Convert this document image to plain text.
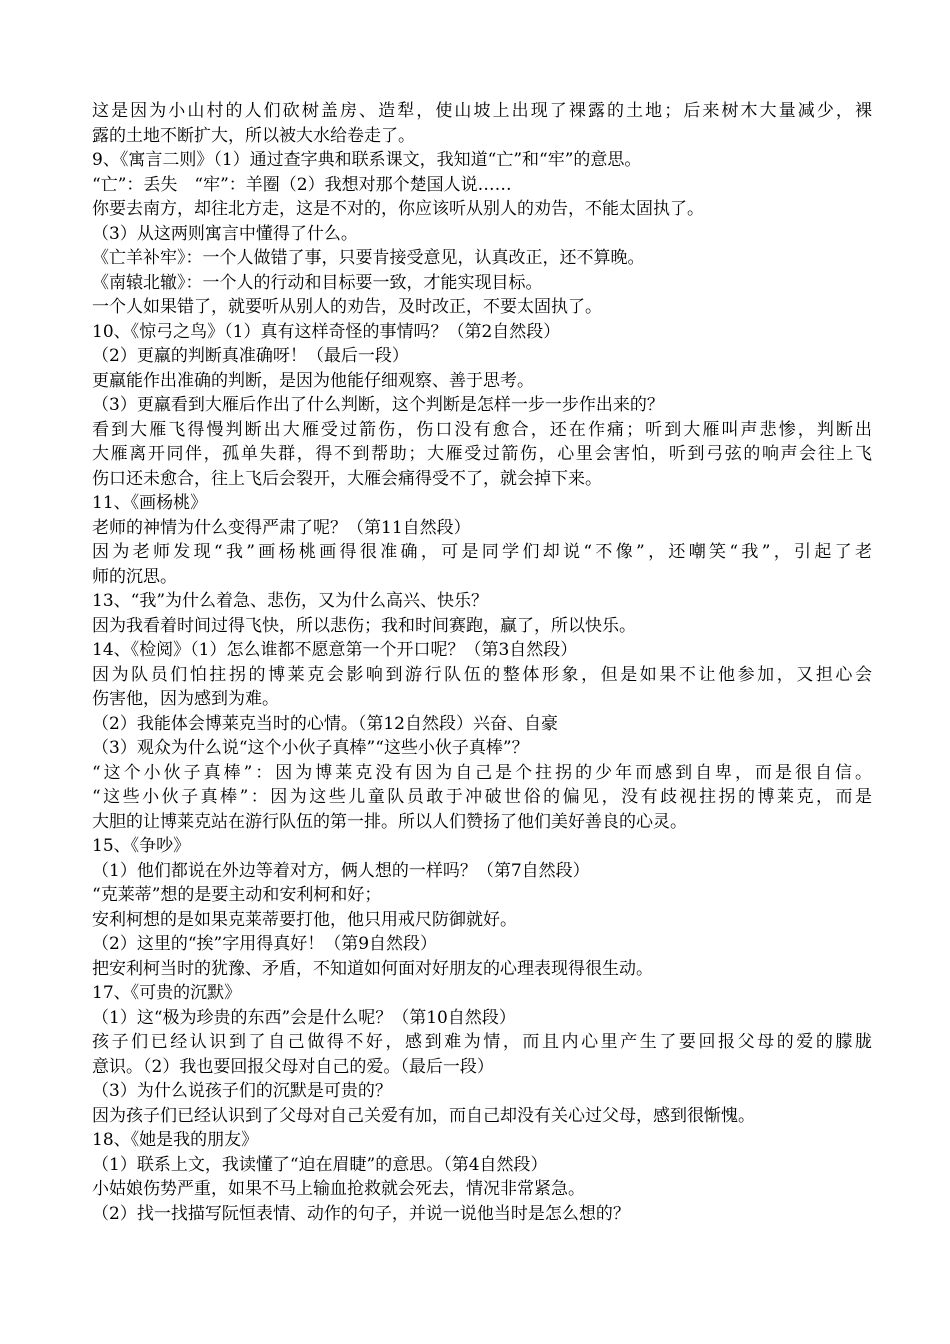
这是因为小山村的人们砍树盖房、造犁，使山坡上出现了裸露的土地；后来树木大量减少，裸
露的土地不断扩大，所以被大水给卷走了。
9、《寓言二则》（1）通过查字典和联系课文，我知道“亡”和“牢”的意思。
“亡”：丢失　“牢”：羊圈（2）我想对那个楚国人说……
你要去南方，却往北方走，这是不对的，你应该听从别人的劝告，不能太固执了。
（3）从这两则寓言中懂得了什么。
《亡羊补牢》：一个人做错了事，只要肯接受意见，认真改正，还不算晚。
《南辕北辙》：一个人的行动和目标要一致，才能实现目标。
一个人如果错了，就要听从别人的劝告，及时改正，不要太固执了。
10、《惊弓之鸟》（1）真有这样奇怪的事情吗？（第2自然段）
（2）更羸的判断真准确呀！（最后一段）
更羸能作出准确的判断，是因为他能仔细观察、善于思考。
（3）更羸看到大雁后作出了什么判断，这个判断是怎样一步一步作出来的？
看到大雁飞得慢判断出大雁受过箭伤，伤口没有愈合，还在作痛；听到大雁叫声悲惨，判断出
大雁离开同伴，孤单失群，得不到帮助；大雁受过箭伤，心里会害怕，听到弓弦的响声会往上飞
伤口还未愈合，往上飞后会裂开，大雁会痛得受不了，就会掉下来。
11、《画杨桃》
老师的神情为什么变得严肃了呢？（第11自然段）
因为老师发现“我”画杨桃画得很准确，可是同学们却说“不像”，还嘲笑“我”，引起了老
师的沉思。
13、“我”为什么着急、悲伤，又为什么高兴、快乐？
因为我看着时间过得飞快，所以悲伤；我和时间赛跑，赢了，所以快乐。
14、《检阅》（1）怎么谁都不愿意第一个开口呢？（第3自然段）
因为队员们怕拄拐的博莱克会影响到游行队伍的整体形象，但是如果不让他参加，又担心会
伤害他，因为感到为难。
（2）我能体会博莱克当时的心情。（第12自然段）兴奋、自豪
（3）观众为什么说“这个小伙子真棒”“这些小伙子真棒”？
“这个小伙子真棒”：因为博莱克没有因为自己是个拄拐的少年而感到自卑，而是很自信。
“这些小伙子真棒”：因为这些儿童队员敢于冲破世俗的偏见，没有歧视拄拐的博莱克，而是
大胆的让博莱克站在游行队伍的第一排。所以人们赞扬了他们美好善良的心灵。
15、《争吵》
（1）他们都说在外边等着对方，俩人想的一样吗？（第7自然段）
“克莱蒂”想的是要主动和安利柯和好；
安利柯想的是如果克莱蒂要打他，他只用戒尺防御就好。
（2）这里的“挨”字用得真好！（第9自然段）
把安利柯当时的犹豫、矛盾，不知道如何面对好朋友的心理表现得很生动。
17、《可贵的沉默》
（1）这“极为珍贵的东西”会是什么呢？（第10自然段）
孩子们已经认识到了自己做得不好，感到难为情，而且内心里产生了要回报父母的爱的朦胧
意识。（2）我也要回报父母对自己的爱。（最后一段）
（3）为什么说孩子们的沉默是可贵的？
因为孩子们已经认识到了父母对自己关爱有加，而自己却没有关心过父母，感到很惭愧。
18、《她是我的朋友》
（1）联系上文，我读懂了“迫在眉睫”的意思。（第4自然段）
小姑娘伤势严重，如果不马上输血抢救就会死去，情况非常紧急。
（2）找一找描写阮恒表情、动作的句子，并说一说他当时是怎么想的？
